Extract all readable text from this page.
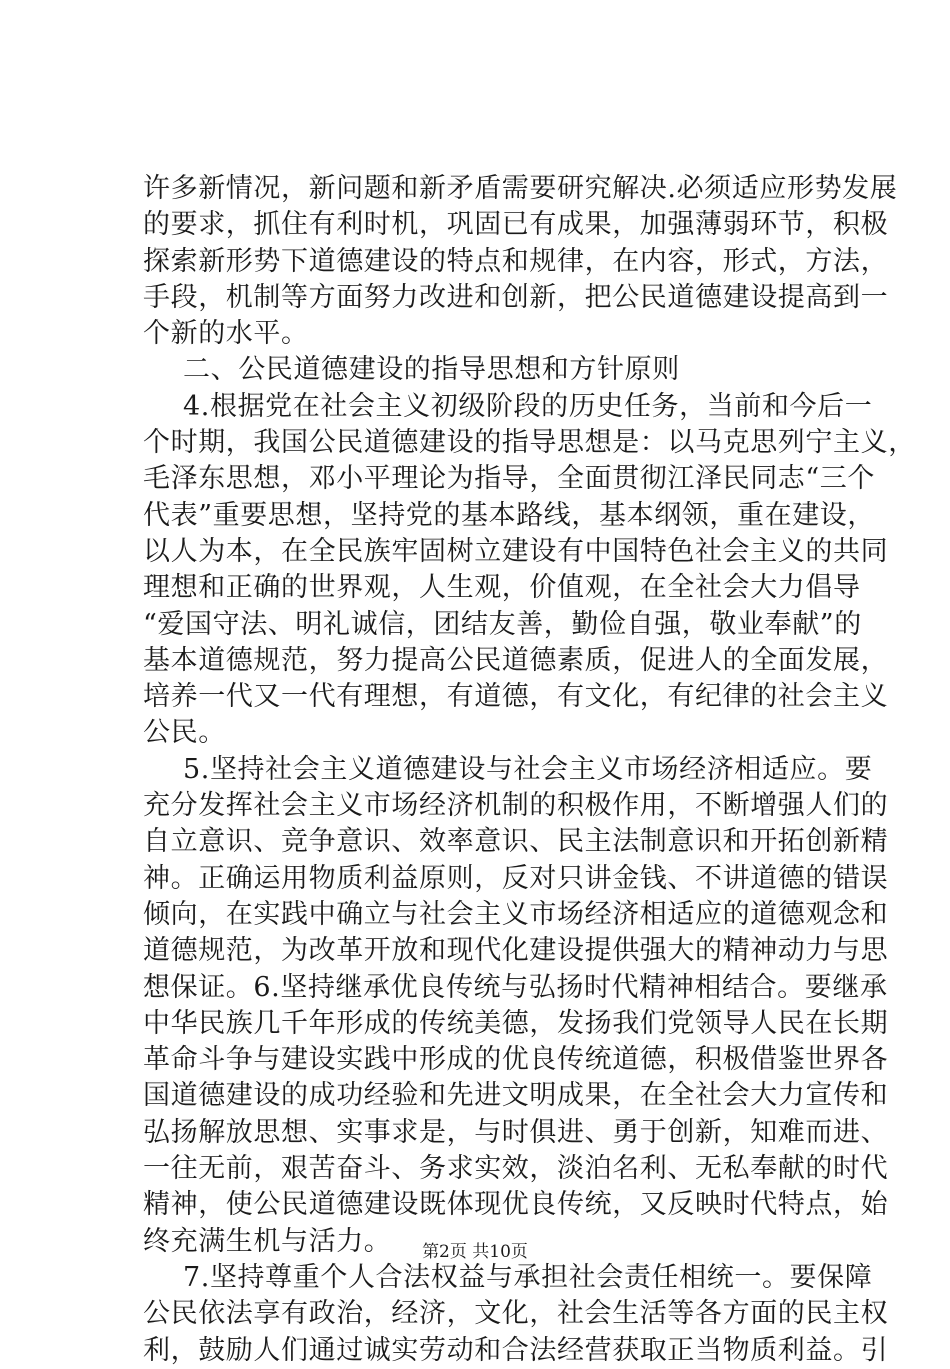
许多新情况，新问题和新矛盾需要研究解决.必须适应形势发展
的要求，抓住有利时机，巩固已有成果，加强薄弱环节，积极
探索新形势下道德建设的特点和规律，在内容，形式，方法，
手段，机制等方面努力改进和创新，把公民道德建设提高到一
个新的水平。
二、公民道德建设的指导思想和方针原则
4.根据党在社会主义初级阶段的历史任务，当前和今后一
个时期，我国公民道德建设的指导思想是：以马克思列宁主义，
毛泽东思想，邓小平理论为指导，全面贯彻江泽民同志“三个
代表”重要思想，坚持党的基本路线，基本纲领，重在建设，
以人为本，在全民族牢固树立建设有中国特色社会主义的共同
理想和正确的世界观，人生观，价值观，在全社会大力倡导
“爱国守法、明礼诚信，团结友善，勤俭自强，敬业奉献”的
基本道德规范，努力提高公民道德素质，促进人的全面发展，
培养一代又一代有理想，有道德，有文化，有纪律的社会主义
公民。
5.坚持社会主义道德建设与社会主义市场经济相适应。要
充分发挥社会主义市场经济机制的积极作用，不断增强人们的
自立意识、竞争意识、效率意识、民主法制意识和开拓创新精
神。正确运用物质利益原则，反对只讲金钱、不讲道德的错误
倾向，在实践中确立与社会主义市场经济相适应的道德观念和
道德规范，为改革开放和现代化建设提供强大的精神动力与思
想保证。6.坚持继承优良传统与弘扬时代精神相结合。要继承
中华民族几千年形成的传统美德，发扬我们党领导人民在长期
革命斗争与建设实践中形成的优良传统道德，积极借鉴世界各
国道德建设的成功经验和先进文明成果，在全社会大力宣传和
弘扬解放思想、实事求是，与时俱进、勇于创新，知难而进、
一往无前，艰苦奋斗、务求实效，淡泊名利、无私奉献的时代
精神，使公民道德建设既体现优良传统，又反映时代特点，始
终充满生机与活力。
7.坚持尊重个人合法权益与承担社会责任相统一。要保障
公民依法享有政治，经济，文化，社会生活等各方面的民主权
利，鼓励人们通过诚实劳动和合法经营获取正当物质利益。引
第2页 共10页
